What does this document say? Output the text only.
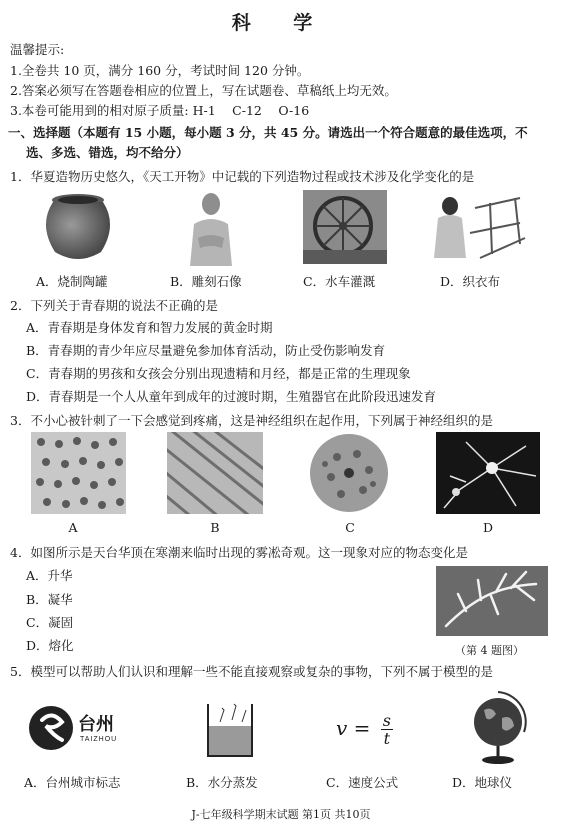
科 学
温馨提示:
1.全卷共 10 页，满分 160 分，考试时间 120 分钟。
2.答案必须写在答题卷相应的位置上，写在试题卷、草稿纸上均无效。
3.本卷可能用到的相对原子质量: H-1　 C-12　 O-16
一、选择题（本题有 15 小题，每小题 3 分，共 45 分。请选出一个符合题意的最佳选项，不
选、多选、错选，均不给分）
1．华夏造物历史悠久，《天工开物》中记载的下列造物过程或技术涉及化学变化的是
A．烧制陶罐	B．雕刻石像	C．水车灌溉	D．织衣布
2．下列关于青春期的说法不正确的是
A．青春期是身体发育和智力发展的黄金时期
B．青春期的青少年应尽量避免参加体育活动，防止受伤影响发育
C．青春期的男孩和女孩会分别出现遗精和月经，都是正常的生理现象
D．青春期是一个人从童年到成年的过渡时期，生殖器官在此阶段迅速发育
3．不小心被针刺了一下会感觉到疼痛，这是神经组织在起作用，下列属于神经组织的是
A	B	C	D
4．如图所示是天台华顶在寒潮来临时出现的雾凇奇观。这一现象对应的物态变化是
A．升华
B．凝华
C．凝固
D．熔化	（第 4 题图）
5．模型可以帮助人们认识和理解一些不能直接观察或复杂的事物，下列不属于模型的是
台州
TAIZHOU	$v = \frac{s}{t}$
A．台州城市标志	B．水分蒸发	C．速度公式	D．地球仪
J-七年级科学期末试题 第1页 共10页
